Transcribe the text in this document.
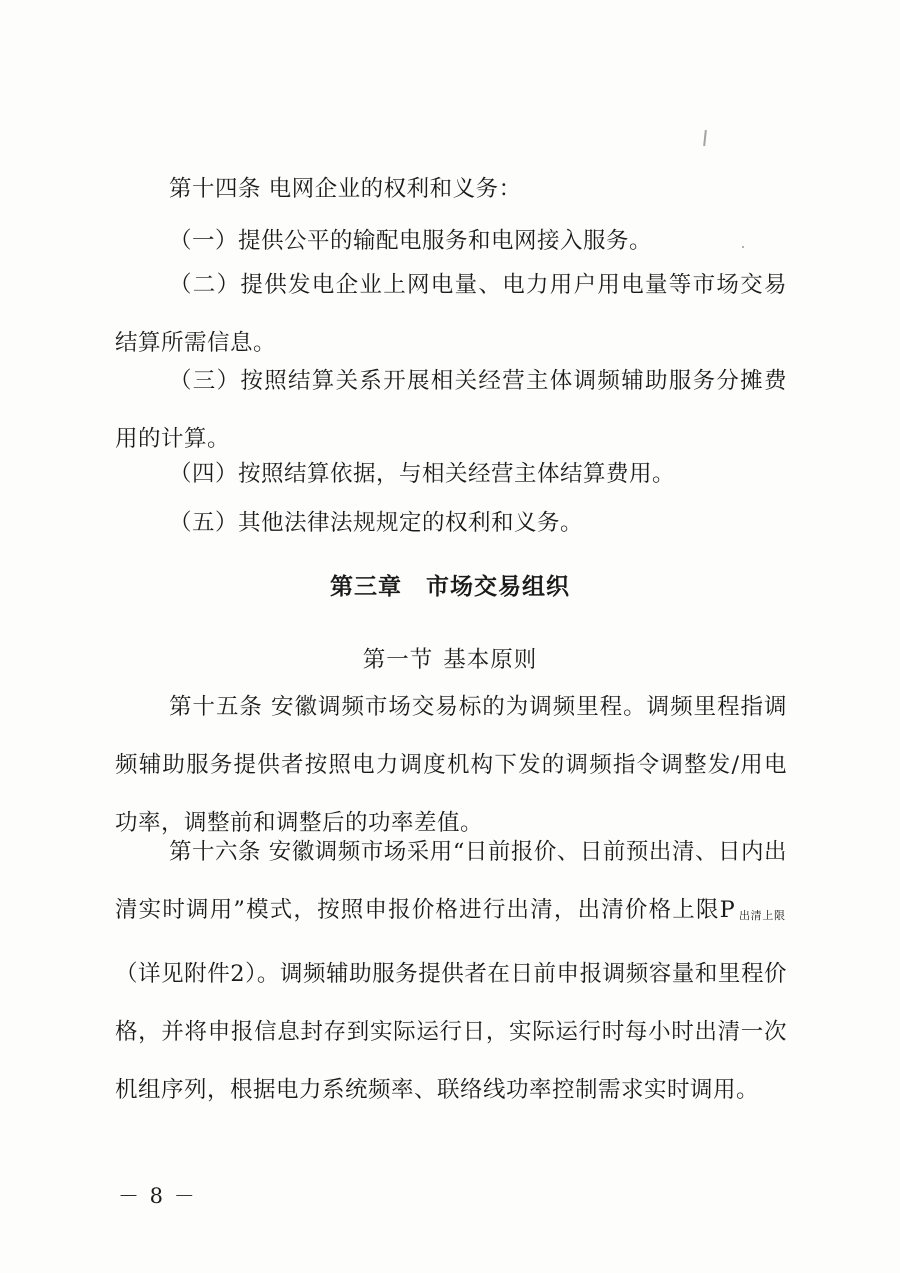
第十四条 电网企业的权利和义务：
（一）提供公平的输配电服务和电网接入服务。
（二）提供发电企业上网电量、电力用户用电量等市场交易结算所需信息。
（三）按照结算关系开展相关经营主体调频辅助服务分摊费用的计算。
（四）按照结算依据，与相关经营主体结算费用。
（五）其他法律法规规定的权利和义务。
第三章 市场交易组织
第一节 基本原则
第十五条 安徽调频市场交易标的为调频里程。调频里程指调频辅助服务提供者按照电力调度机构下发的调频指令调整发/用电功率，调整前和调整后的功率差值。
第十六条 安徽调频市场采用“日前报价、日前预出清、日内出清实时调用”模式，按照申报价格进行出清，出清价格上限P 出清上限（详见附件2）。调频辅助服务提供者在日前申报调频容量和里程价格，并将申报信息封存到实际运行日，实际运行时每小时出清一次机组序列，根据电力系统频率、联络线功率控制需求实时调用。
－ 8 －
